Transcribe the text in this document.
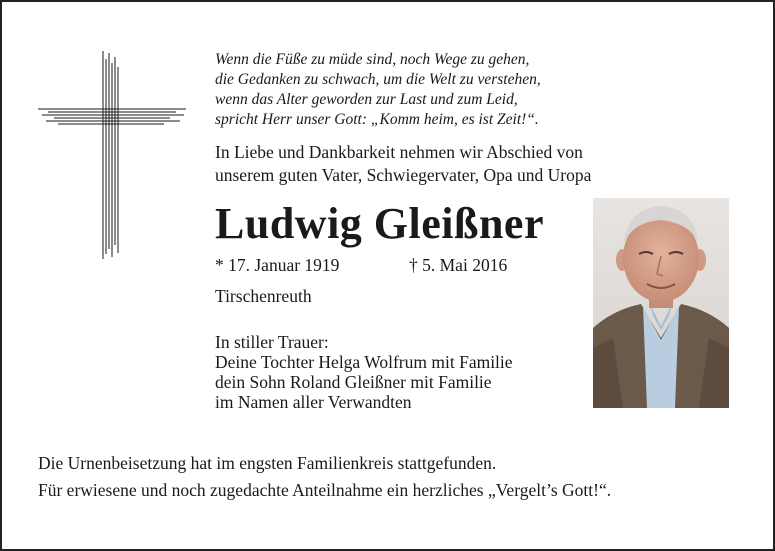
Wenn die Füße zu müde sind, noch Wege zu gehen,
die Gedanken zu schwach, um die Welt zu verstehen,
wenn das Alter geworden zur Last und zum Leid,
spricht Herr unser Gott: „Komm heim, es ist Zeit!“.
In Liebe und Dankbarkeit nehmen wir Abschied von
unserem guten Vater, Schwiegervater, Opa und Uropa
Ludwig Gleißner
* 17. Januar 1919	† 5. Mai 2016
Tirschenreuth
In stiller Trauer:
Deine Tochter Helga Wolfrum mit Familie
dein Sohn Roland Gleißner mit Familie
im Namen aller Verwandten
Die Urnenbeisetzung hat im engsten Familienkreis stattgefunden.
Für erwiesene und noch zugedachte Anteilnahme ein herzliches „Vergelt’s Gott!“.
